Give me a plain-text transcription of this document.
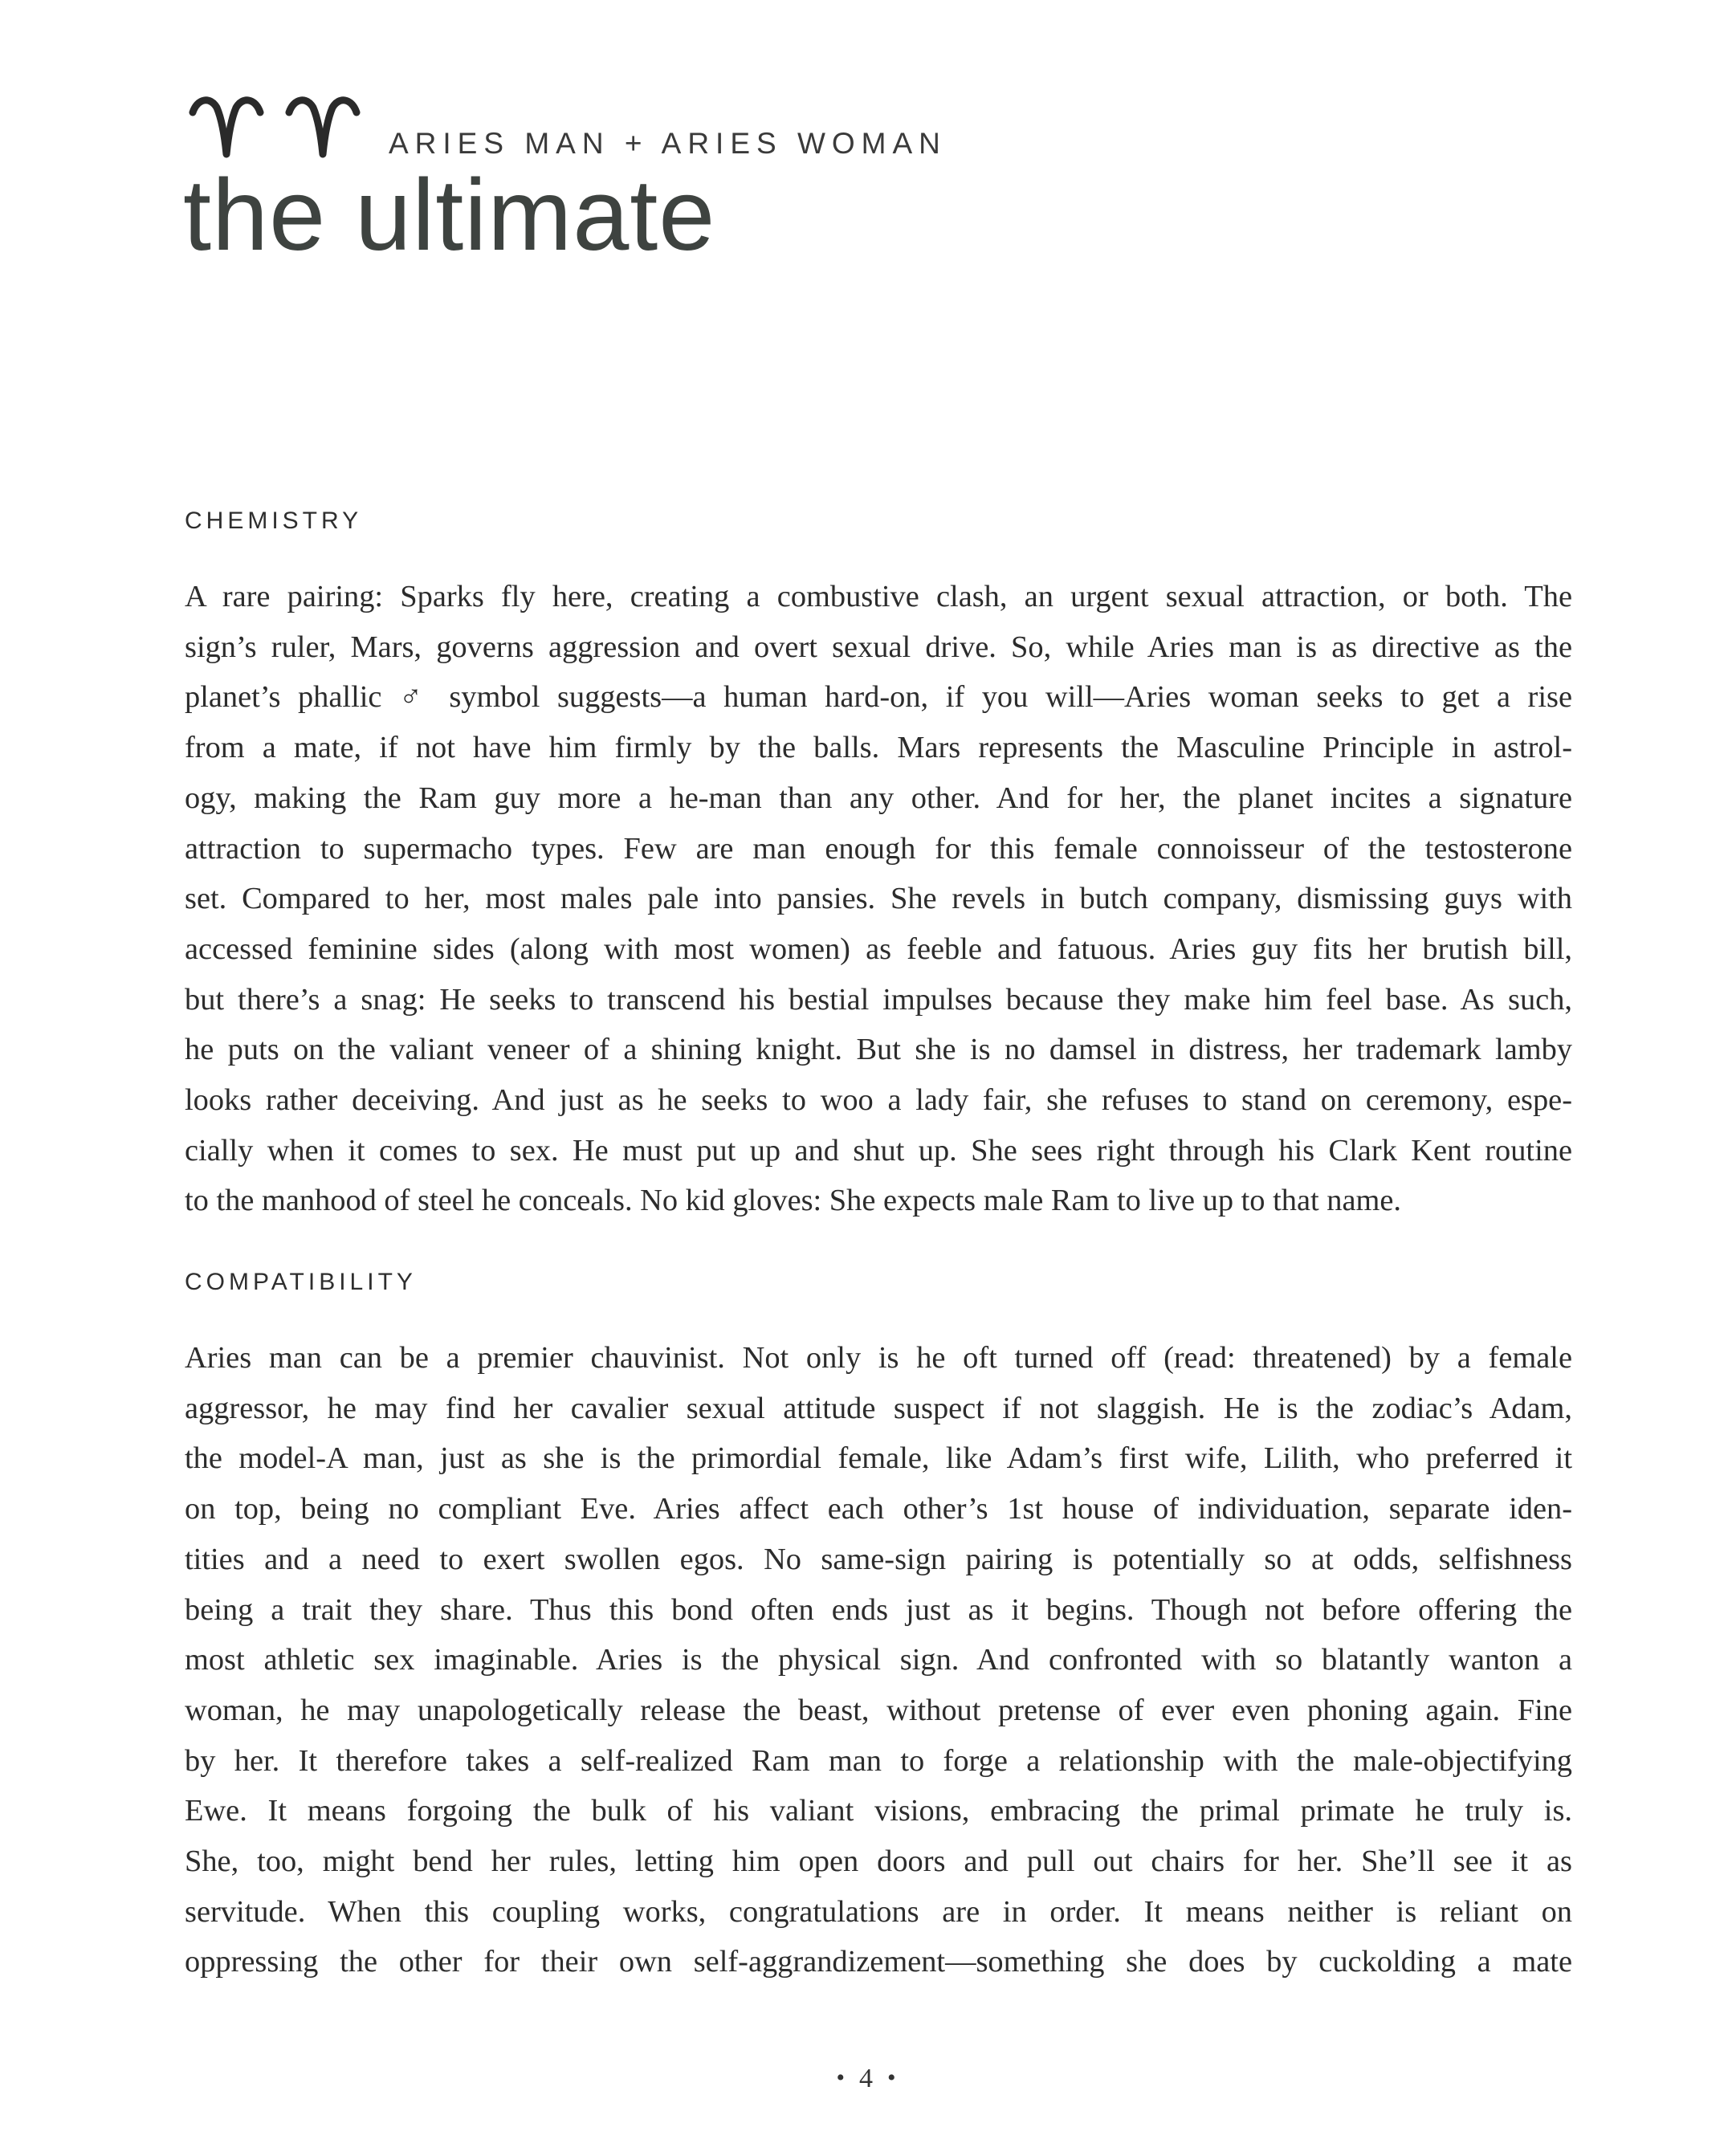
ARIES MAN + ARIES WOMAN
the ultimate
CHEMISTRY
A rare pairing: Sparks fly here, creating a combustive clash, an urgent sexual attraction, or both. The
sign’s ruler, Mars, governs aggression and overt sexual drive. So, while Aries man is as directive as the
planet’s phallic ♂ symbol suggests—a human hard-on, if you will—Aries woman seeks to get a rise
from a mate, if not have him firmly by the balls. Mars represents the Masculine Principle in astrol-
ogy, making the Ram guy more a he-man than any other. And for her, the planet incites a signature
attraction to supermacho types. Few are man enough for this female connoisseur of the testosterone
set. Compared to her, most males pale into pansies. She revels in butch company, dismissing guys with
accessed feminine sides (along with most women) as feeble and fatuous. Aries guy fits her brutish bill,
but there’s a snag: He seeks to transcend his bestial impulses because they make him feel base. As such,
he puts on the valiant veneer of a shining knight. But she is no damsel in distress, her trademark lamby
looks rather deceiving. And just as he seeks to woo a lady fair, she refuses to stand on ceremony, espe-
cially when it comes to sex. He must put up and shut up. She sees right through his Clark Kent routine
to the manhood of steel he conceals. No kid gloves: She expects male Ram to live up to that name.
COMPATIBILITY
Aries man can be a premier chauvinist. Not only is he oft turned off (read: threatened) by a female
aggressor, he may find her cavalier sexual attitude suspect if not slaggish. He is the zodiac’s Adam,
the model-A man, just as she is the primordial female, like Adam’s first wife, Lilith, who preferred it
on top, being no compliant Eve. Aries affect each other’s 1st house of individuation, separate iden-
tities and a need to exert swollen egos. No same-sign pairing is potentially so at odds, selfishness
being a trait they share. Thus this bond often ends just as it begins. Though not before offering the
most athletic sex imaginable. Aries is the physical sign. And confronted with so blatantly wanton a
woman, he may unapologetically release the beast, without pretense of ever even phoning again. Fine
by her. It therefore takes a self-realized Ram man to forge a relationship with the male-objectifying
Ewe. It means forgoing the bulk of his valiant visions, embracing the primal primate he truly is.
She, too, might bend her rules, letting him open doors and pull out chairs for her. She’ll see it as
servitude. When this coupling works, congratulations are in order. It means neither is reliant on
oppressing the other for their own self-aggrandizement—something she does by cuckolding a mate
• 4 •
